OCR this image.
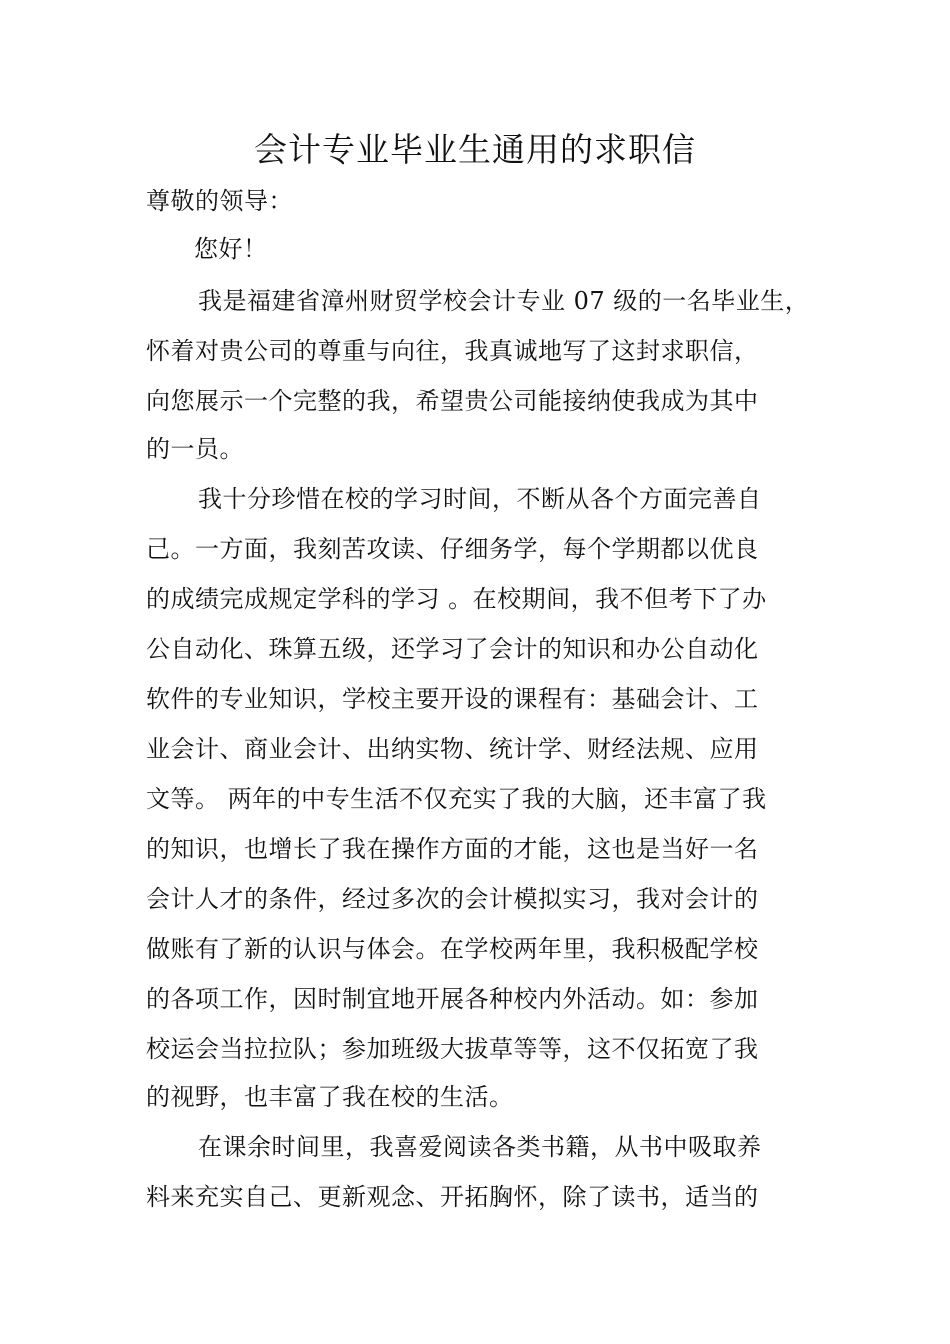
会计专业毕业生通用的求职信
尊敬的领导：
您好！
我是福建省漳州财贸学校会计专业 07 级的一名毕业生，
怀着对贵公司的尊重与向往，我真诚地写了这封求职信，
向您展示一个完整的我，希望贵公司能接纳使我成为其中
的一员。
我十分珍惜在校的学习时间，不断从各个方面完善自
己。一方面，我刻苦攻读、仔细务学，每个学期都以优良
的成绩完成规定学科的学习 。在校期间，我不但考下了办
公自动化、珠算五级，还学习了会计的知识和办公自动化
软件的专业知识，学校主要开设的课程有：基础会计、工
业会计、商业会计、出纳实物、统计学、财经法规、应用
文等。 两年的中专生活不仅充实了我的大脑，还丰富了我
的知识，也增长了我在操作方面的才能，这也是当好一名
会计人才的条件，经过多次的会计模拟实习，我对会计的
做账有了新的认识与体会。在学校两年里，我积极配学校
的各项工作，因时制宜地开展各种校内外活动。如：参加
校运会当拉拉队；参加班级大拔草等等，这不仅拓宽了我
的视野，也丰富了我在校的生活。
在课余时间里，我喜爱阅读各类书籍，从书中吸取养
料来充实自己、更新观念、开拓胸怀，除了读书，适当的
